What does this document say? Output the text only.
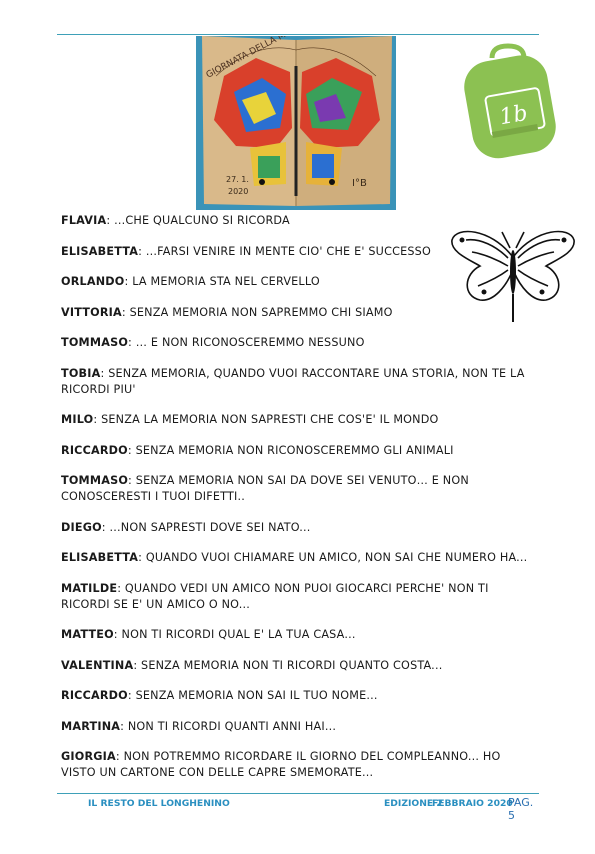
GIORNATA DELLA
27. 1.
2020
I°B
1b
FLAVIA: ...CHE QUALCUNO SI RICORDA
ELISABETTA: ...FARSI VENIRE IN MENTE CIO' CHE E' SUCCESSO
ORLANDO: LA MEMORIA STA NEL CERVELLO
VITTORIA: SENZA MEMORIA NON SAPREMMO CHI SIAMO
TOMMASO: … E NON RICONOSCEREMMO NESSUNO
TOBIA: SENZA MEMORIA, QUANDO VUOI RACCONTARE UNA STORIA, NON TE LA RICORDI PIU'
MILO: SENZA LA MEMORIA NON SAPRESTI CHE COS'E' IL MONDO
RICCARDO: SENZA MEMORIA NON RICONOSCEREMMO GLI ANIMALI
TOMMASO: SENZA MEMORIA NON SAI DA DOVE SEI VENUTO… E NON CONOSCERESTI I TUOI DIFETTI..
DIEGO: ...NON SAPRESTI DOVE SEI NATO...
ELISABETTA: QUANDO VUOI CHIAMARE UN AMICO, NON SAI CHE NUMERO HA...
MATILDE: QUANDO VEDI UN AMICO NON PUOI GIOCARCI PERCHE' NON TI RICORDI SE E' UN AMICO O NO...
MATTEO: NON TI RICORDI QUAL E' LA TUA CASA...
VALENTINA: SENZA MEMORIA NON TI RICORDI QUANTO COSTA...
RICCARDO: SENZA MEMORIA NON SAI IL TUO NOME...
MARTINA: NON TI RICORDI QUANTI ANNI HAI...
GIORGIA: NON POTREMMO RICORDARE IL GIORNO DEL COMPLEANNO... HO VISTO UN CARTONE CON DELLE CAPRE SMEMORATE...
IL RESTO DEL LONGHENINO	EDIZIONE 2
FEBBRAIO 2020
PAG. 5
